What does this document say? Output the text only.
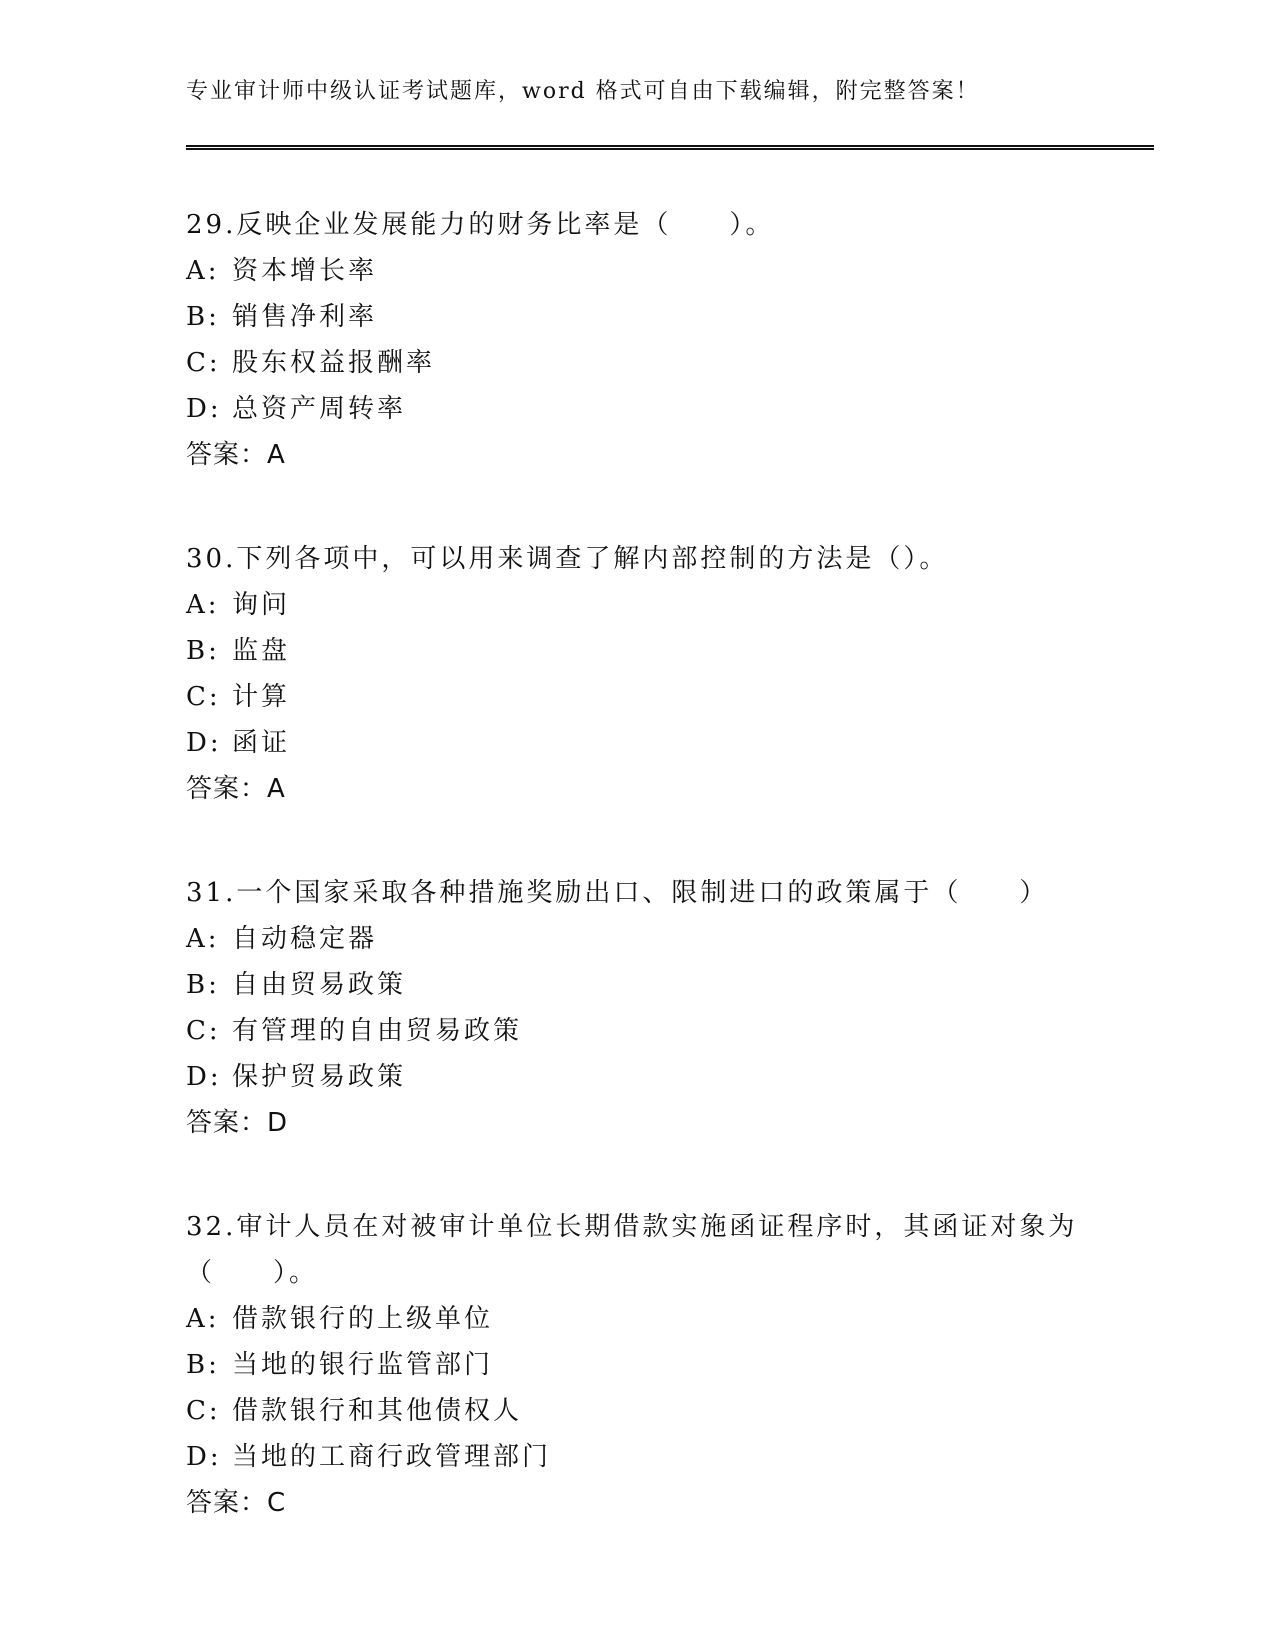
专业审计师中级认证考试题库，word 格式可自由下载编辑，附完整答案！
29.反映企业发展能力的财务比率是（　　）。
A: 资本增长率
B: 销售净利率
C: 股东权益报酬率
D: 总资产周转率
答案：A
30.下列各项中，可以用来调查了解内部控制的方法是（）。
A: 询问
B: 监盘
C: 计算
D: 函证
答案：A
31.一个国家采取各种措施奖励出口、限制进口的政策属于（　　）
A: 自动稳定器
B: 自由贸易政策
C: 有管理的自由贸易政策
D: 保护贸易政策
答案：D
32.审计人员在对被审计单位长期借款实施函证程序时，其函证对象为（　　）。
A: 借款银行的上级单位
B: 当地的银行监管部门
C: 借款银行和其他债权人
D: 当地的工商行政管理部门
答案：C
